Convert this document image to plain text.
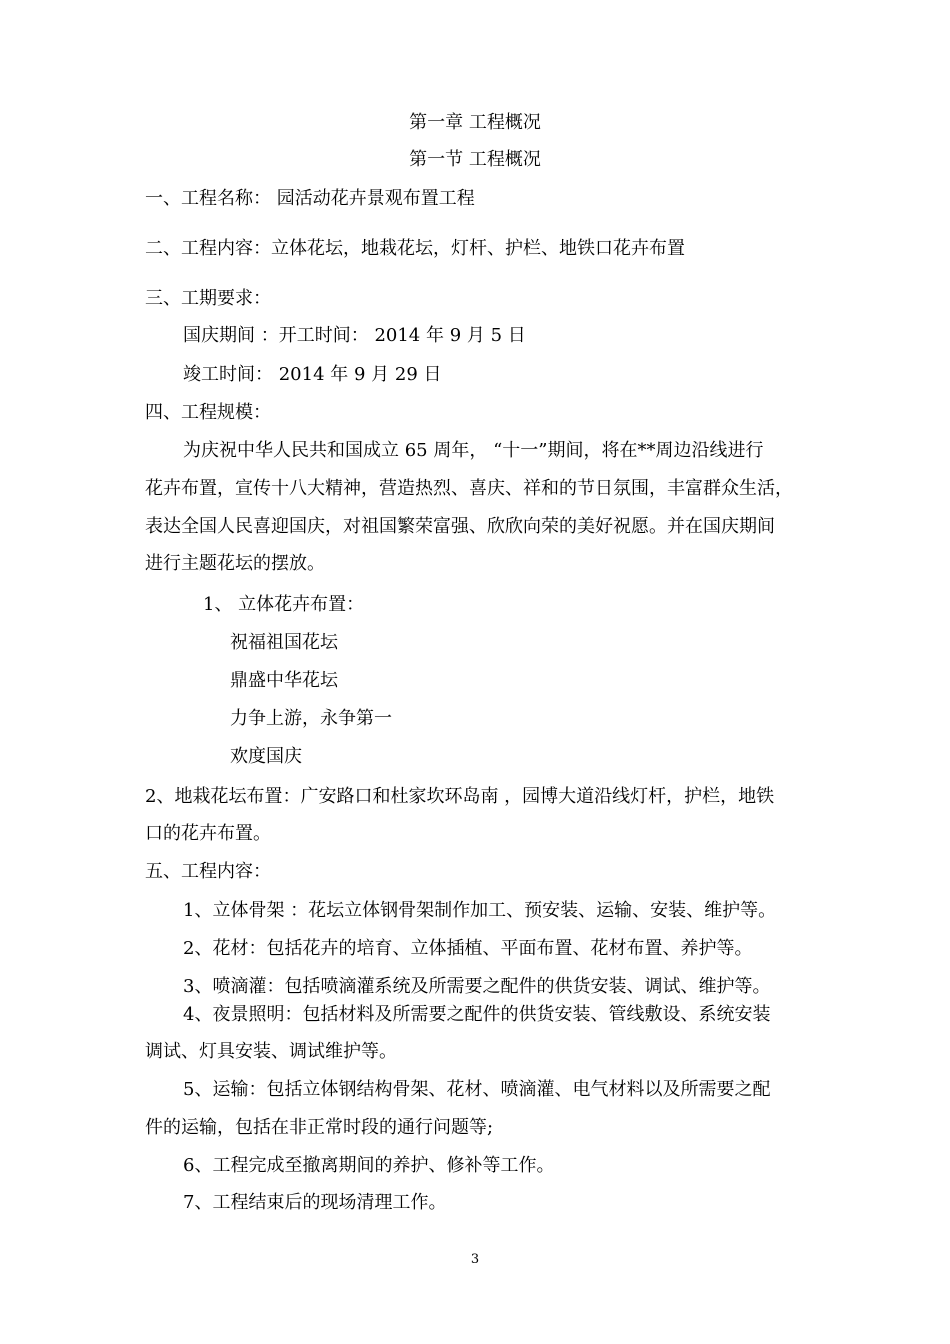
第一章 工程概况
第一节 工程概况
一、工程名称： 园活动花卉景观布置工程
二、工程内容：立体花坛，地栽花坛，灯杆、护栏、地铁口花卉布置
三、工期要求：
国庆期间 ：开工时间： 2014 年 9 月 5 日
竣工时间： 2014 年 9 月 29 日
四、工程规模：
为庆祝中华人民共和国成立 65 周年， “十一”期间，将在**周边沿线进行
花卉布置，宣传十八大精神，营造热烈、喜庆、祥和的节日氛围，丰富群众生活，
表达全国人民喜迎国庆，对祖国繁荣富强、欣欣向荣的美好祝愿。并在国庆期间
进行主题花坛的摆放。
1、 立体花卉布置：
祝福祖国花坛
鼎盛中华花坛
力争上游，永争第一
欢度国庆
2、地栽花坛布置：广安路口和杜家坎环岛南 ，园博大道沿线灯杆，护栏，地铁
口的花卉布置。
五、工程内容：
1、立体骨架 ：花坛立体钢骨架制作加工、预安装、运输、安装、维护等。
2、花材：包括花卉的培育、立体插植、平面布置、花材布置、养护等。
3、喷滴灌：包括喷滴灌系统及所需要之配件的供货安装、调试、维护等。
4、夜景照明：包括材料及所需要之配件的供货安装、管线敷设、系统安装
调试、灯具安装、调试维护等。
5、运输：包括立体钢结构骨架、花材、喷滴灌、电气材料以及所需要之配
件的运输，包括在非正常时段的通行问题等;
6、工程完成至撤离期间的养护、修补等工作。
7、工程结束后的现场清理工作。
3
